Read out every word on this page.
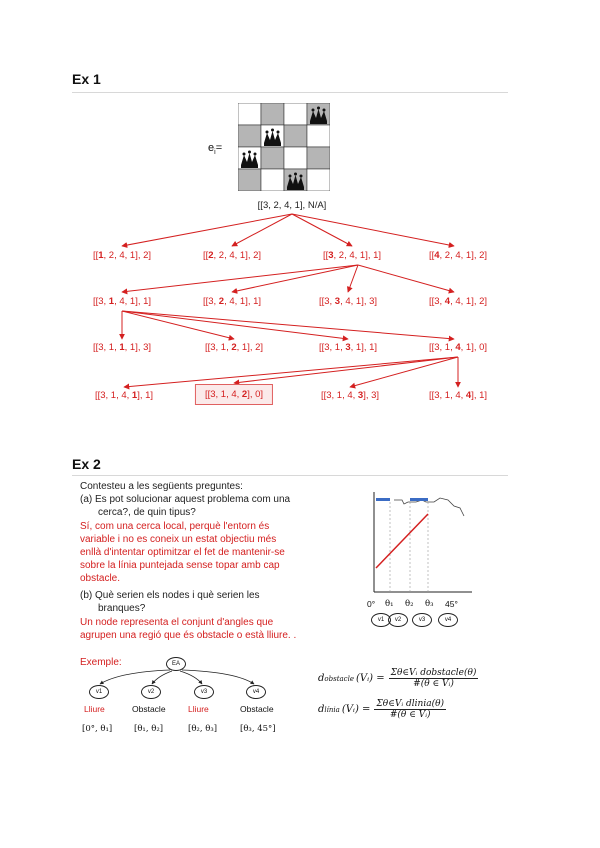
Ex 1
$e_i=$
[[3, 2, 4, 1], N/A]
[[1, 2, 4, 1], 2]	[[2, 2, 4, 1], 2]	[[3, 2, 4, 1], 1]	[[4, 2, 4, 1], 2]
[[3, 1, 4, 1], 1]	[[3, 2, 4, 1], 1]	[[3, 3, 4, 1], 3]	[[3, 4, 4, 1], 2]
[[3, 1, 1, 1], 3]	[[3, 1, 2, 1], 2]	[[3, 1, 3, 1], 1]	[[3, 1, 4, 1], 0]
[[3, 1, 4, 1], 1]	[[3, 1, 4, 2], 0]	[[3, 1, 4, 3], 3]	[[3, 1, 4, 4], 1]
Ex 2
Contesteu a les següents preguntes:
(a) Es pot solucionar aquest problema com una
cerca?, de quin tipus?
Sí, com una cerca local, perquè l'entorn és
variable i no es coneix un estat objectiu més
enllà d'intentar optimitzar el fet de mantenir-se
sobre la línia puntejada sense topar amb cap
obstacle.
(b) Què serien els nodes i què serien les
branques?
Un node representa el conjunt d'angles que
agrupen una regió que és obstacle o està lliure. .
0° θ₁ θ₂ θ₃ 45°
v1	v2	v3	v4
Exemple:	EA
v1	v2	v3	v4
Lliure	Obstacle	Lliure	Obstacle
[0°, θ₁]	[θ₁, θ₂]	[θ₂, θ₃]	[θ₃, 45°]
d obstacle (Vᵢ) = Σθ∈Vᵢ dobstacle(θ)
#(θ ∈ Vᵢ)
d línia (Vᵢ) = Σθ∈Vᵢ dlinia(θ)
#(θ ∈ Vᵢ)
